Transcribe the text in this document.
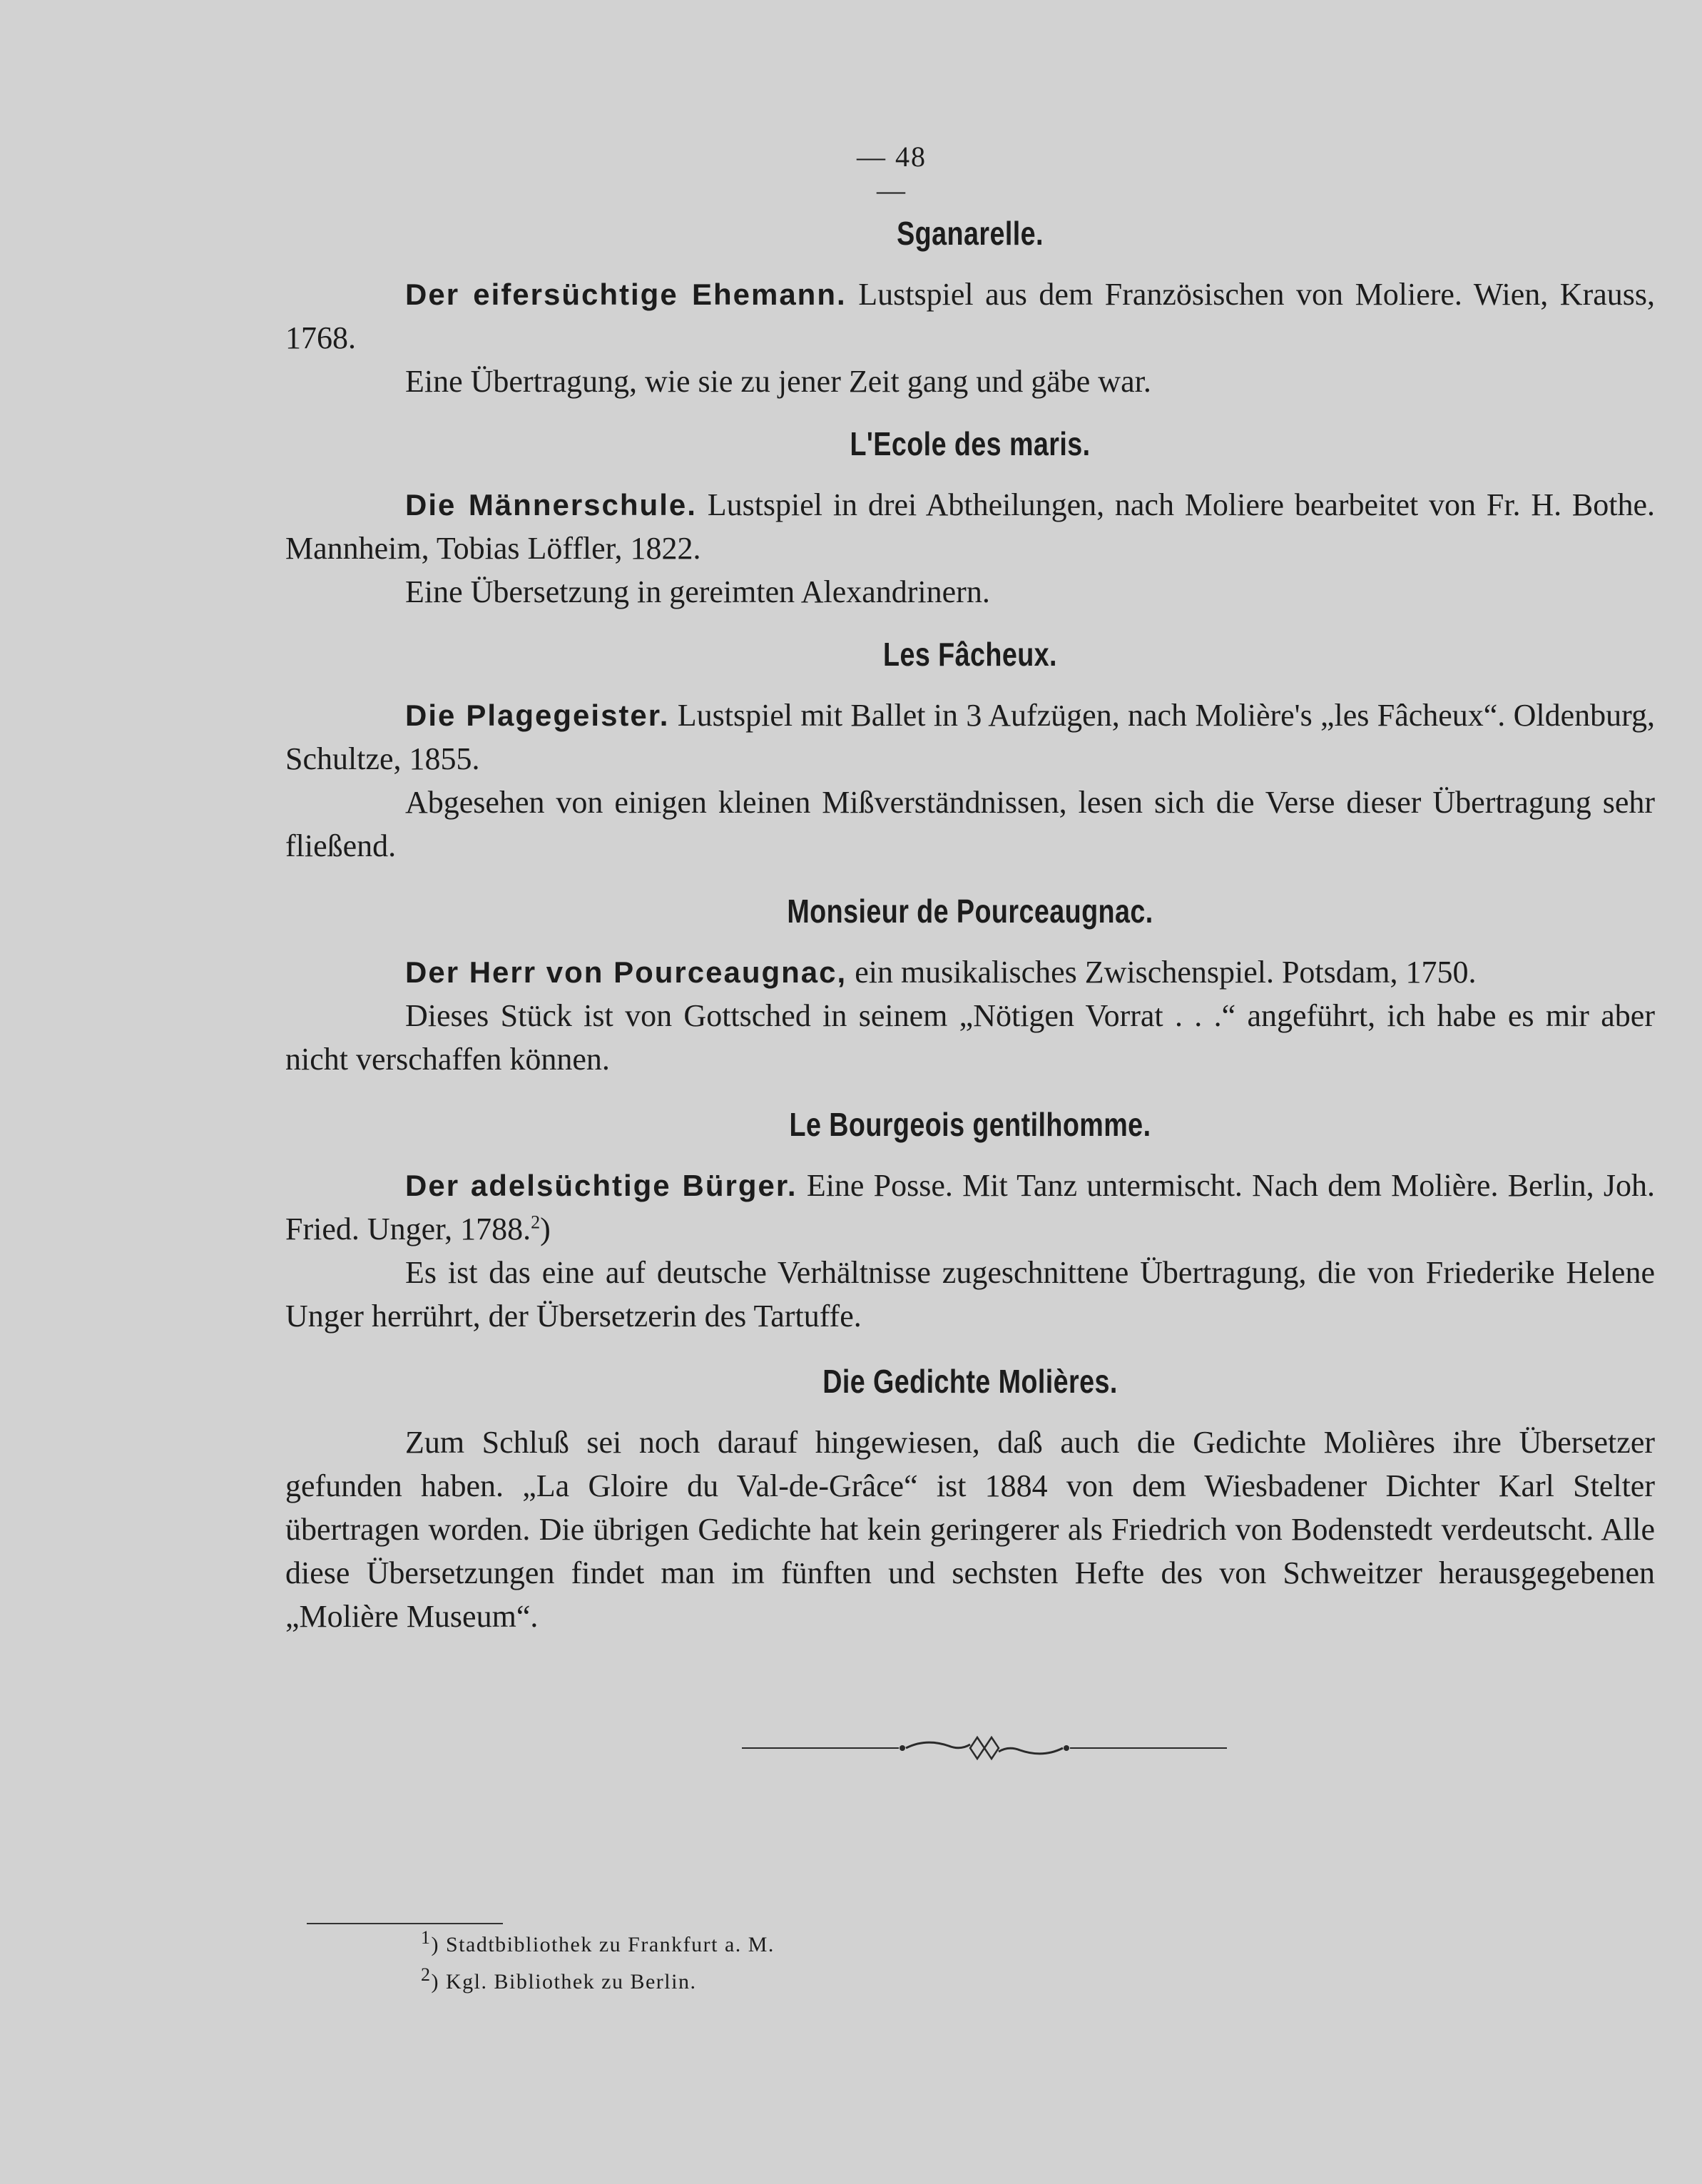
— 48 —
Sganarelle.

Der eifersüchtige Ehemann. Lustspiel aus dem Französischen von Moliere. Wien, Krauss, 1768.

Eine Übertragung, wie sie zu jener Zeit gang und gäbe war.

L'Ecole des maris.

Die Männerschule. Lustspiel in drei Abtheilungen, nach Moliere bearbeitet von Fr. H. Bothe. Mannheim, Tobias Löffler, 1822.

Eine Übersetzung in gereimten Alexandrinern.

Les Fâcheux.

Die Plagegeister. Lustspiel mit Ballet in 3 Aufzügen, nach Molière's „les Fâcheux“. Oldenburg, Schultze, 1855.

Abgesehen von einigen kleinen Mißverständnissen, lesen sich die Verse dieser Übertragung sehr fließend.

Monsieur de Pourceaugnac.

Der Herr von Pourceaugnac, ein musikalisches Zwischenspiel. Potsdam, 1750.

Dieses Stück ist von Gottsched in seinem „Nötigen Vorrat . . .“ angeführt, ich habe es mir aber nicht verschaffen können.

Le Bourgeois gentilhomme.

Der adelsüchtige Bürger. Eine Posse. Mit Tanz untermischt. Nach dem Molière. Berlin, Joh. Fried. Unger, 1788.$^2$)

Es ist das eine auf deutsche Verhältnisse zugeschnittene Übertragung, die von Friederike Helene Unger herrührt, der Übersetzerin des Tartuffe.

Die Gedichte Molières.

Zum Schluß sei noch darauf hingewiesen, daß auch die Gedichte Molières ihre Übersetzer gefunden haben. „La Gloire du Val-de-Grâce“ ist 1884 von dem Wiesbadener Dichter Karl Stelter übertragen worden. Die übrigen Gedichte hat kein geringerer als Friedrich von Bodenstedt verdeutscht. Alle diese Übersetzungen findet man im fünften und sechsten Hefte des von Schweitzer herausgegebenen „Molière Museum“.

$^1$) Stadtbibliothek zu Frankfurt a. M.
$^2$) Kgl. Bibliothek zu Berlin.
